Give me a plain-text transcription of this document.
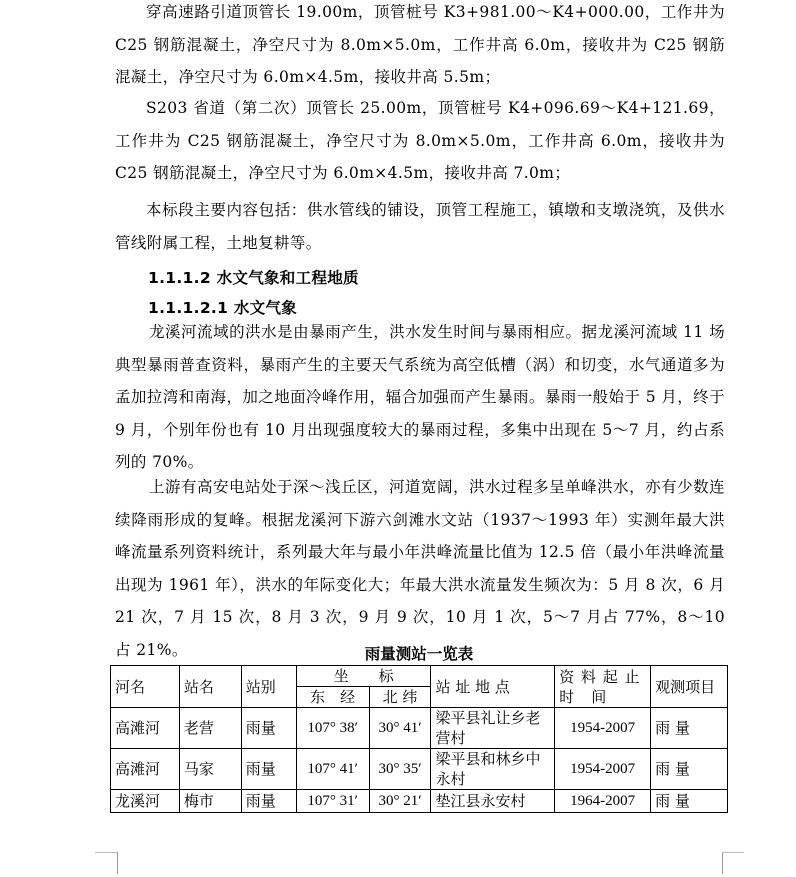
穿高速路引道顶管长 19.00m，顶管桩号 K3+981.00～K4+000.00，工作井为 C25 钢筋混凝土，净空尺寸为 8.0m×5.0m，工作井高 6.0m，接收井为 C25 钢筋混凝土，净空尺寸为 6.0m×4.5m，接收井高 5.5m；

S203 省道（第二次）顶管长 25.00m，顶管桩号 K4+096.69～K4+121.69，工作井为 C25 钢筋混凝土，净空尺寸为 8.0m×5.0m，工作井高 6.0m，接收井为 C25 钢筋混凝土，净空尺寸为 6.0m×4.5m，接收井高 7.0m；

本标段主要内容包括：供水管线的铺设，顶管工程施工，镇墩和支墩浇筑，及供水管线附属工程，土地复耕等。

1.1.1.2 水文气象和工程地质
1.1.1.2.1 水文气象

龙溪河流域的洪水是由暴雨产生，洪水发生时间与暴雨相应。据龙溪河流域 11 场典型暴雨普查资料，暴雨产生的主要天气系统为高空低槽（涡）和切变，水气通道多为孟加拉湾和南海，加之地面冷峰作用，辐合加强而产生暴雨。暴雨一般始于 5 月，终于 9 月，个别年份也有 10 月出现强度较大的暴雨过程，多集中出现在 5～7 月，约占系列的 70%。

上游有高安电站处于深～浅丘区，河道宽阔，洪水过程多呈单峰洪水，亦有少数连续降雨形成的复峰。根据龙溪河下游六剑滩水文站（1937～1993 年）实测年最大洪峰流量系列资料统计，系列最大年与最小年洪峰流量比值为 12.5 倍（最小年洪峰流量出现为 1961 年），洪水的年际变化大；年最大洪水流量发生频次为：5 月 8 次，6 月 21 次，7 月 15 次，8 月 3 次，9 月 9 次，10 月 1 次，5～7 月占 77%，8～10 占 21%。	雨量测站一览表
河名	站名	站别	坐　　标		站 址 地 点	资 料 起 止 时　间	观测项目
			东　经	北 纬			
高滩河	老营	雨量	107° 38′	30° 41′	梁平县礼让乡老营村	1954-2007	雨 量
高滩河	马家	雨量	107° 41′	30° 35′	梁平县和林乡中永村	1954-2007	雨 量
龙溪河	梅市	雨量	107° 31′	30° 21′	垫江县永安村	1964-2007	雨 量
